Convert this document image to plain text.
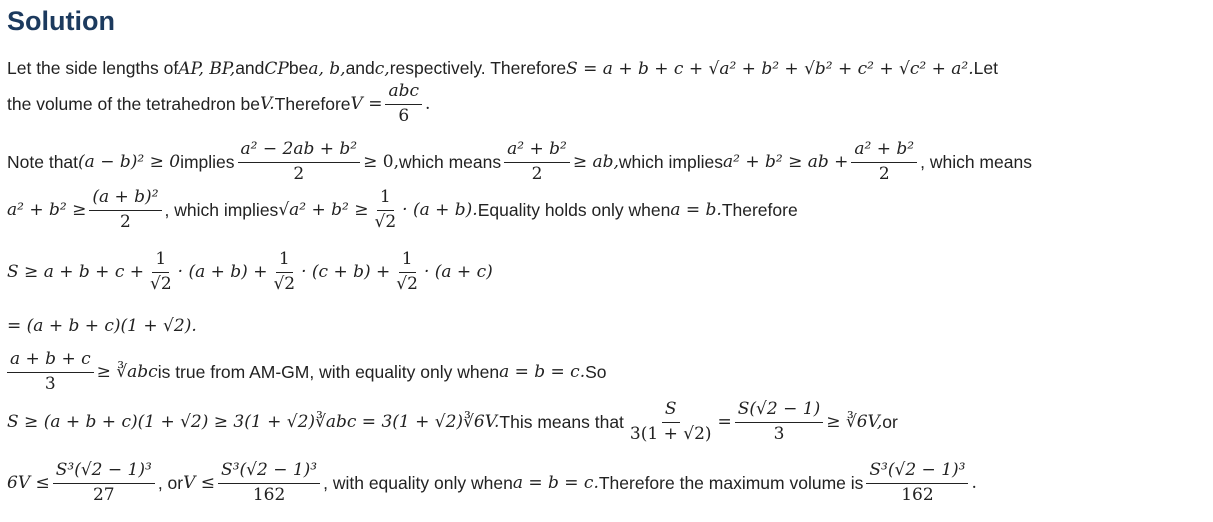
Solution
Let the side lengths of AP, BP, and CP be a, b, and c, respectively. Therefore S = a + b + c + √a² + b² + √b² + c² + √c² + a². Let
the volume of the tetrahedron be V. Therefore $V = \frac{\text{abc}}{6}$ .
Note that (a − b)² ≥ 0 implies $\frac{\text{a² − 2ab + b²}}{2} \ge 0$, which means $\frac{\text{a² + b²}}{2}$ ≥ ab, which implies a² + b² ≥ ab + $\frac{\text{a² + b²}}{2}$ , which means
$a^2 + b^2 \ge \frac{\text{(a + b)²}}{2}$ , which implies $√a^2 + b^2 \ge \frac{1}{√2} \cdot (a + b)$. Equality holds only when a = b. Therefore
$S \ge a + b + c + \frac{1}{√2} \cdot (a + b) + \frac{1}{√2} \cdot (c + b) + \frac{1}{√2} \cdot (a + c)$
= (a + b + c)(1 + √2).
$\frac{a + b + c}{3}$ ≥ ∛abc is true from AM-GM, with equality only when a = b = c. So
S ≥ (a + b + c)(1 + √2) ≥ 3(1 + √2)∛abc = 3(1 + √2)∛6V. This means that $\frac{S}{3(1 + √2)} = \frac{S(√2 - 1)}{3}$ ≥ ∛6V, or
$6V \le \frac{\text{S³(√2 − 1)³}}{27}$ , or $V \le \frac{\text{S³(√2 − 1)³}}{162}$ , with equality only when a = b = c. Therefore the maximum volume is $\frac{\text{S³(√2 − 1)³}}{162}$ .
